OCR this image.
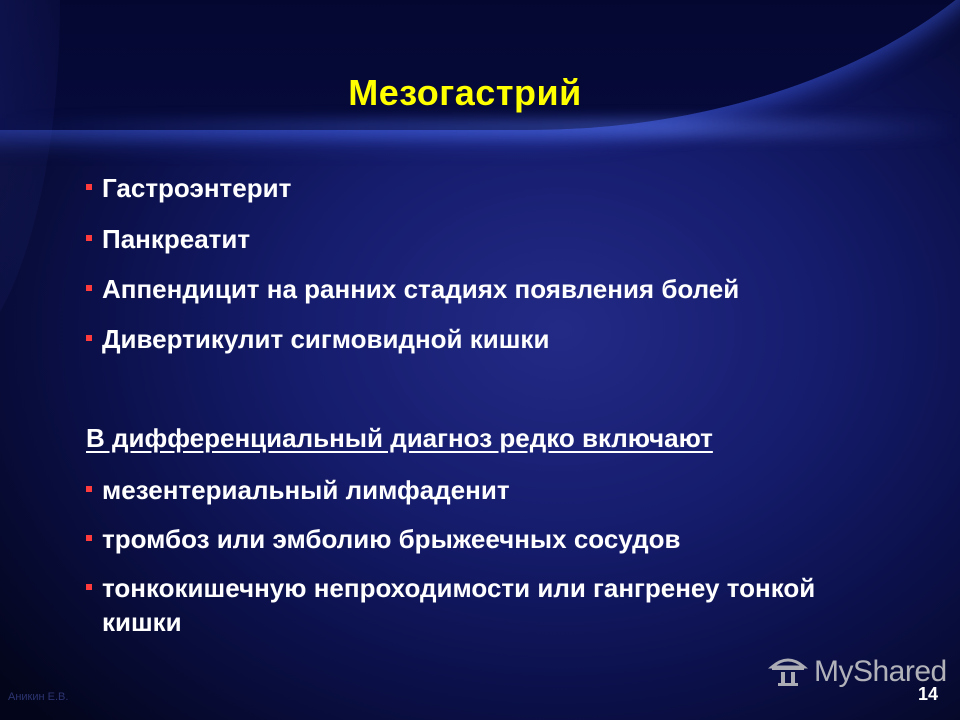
Мезогастрий
Гастроэнтерит
Панкреатит
Аппендицит на ранних стадиях появления болей
Дивертикулит сигмовидной кишки
В дифференциальный диагноз редко включают
мезентериальный лимфаденит
тромбоз или эмболию брыжеечных сосудов
тонкокишечную непроходимости или гангренеу тонкой кишки
Аникин Е.В.
MyShared
14
